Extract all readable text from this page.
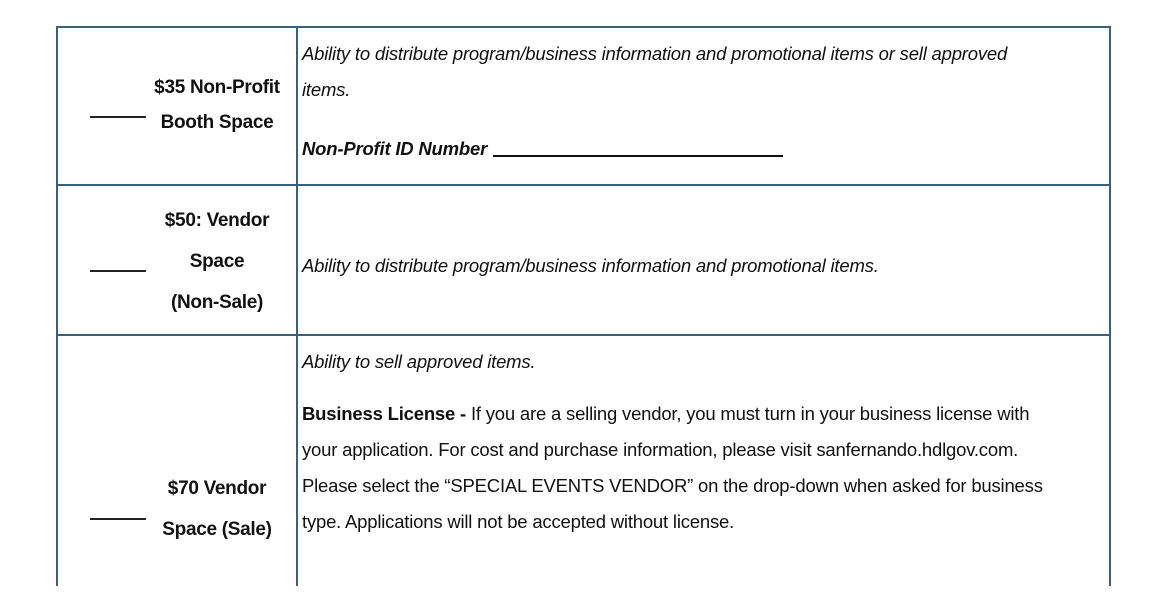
$35 Non-Profit
Booth Space
Ability to distribute program/business information and promotional items or sell approved
items.
Non-Profit ID Number
$50: Vendor
Space
(Non-Sale)
Ability to distribute program/business information and promotional items.
$70 Vendor
Space (Sale)
Ability to sell approved items.
Business License - If you are a selling vendor, you must turn in your business license with
your application. For cost and purchase information, please visit sanfernando.hdlgov.com.
Please select the “SPECIAL EVENTS VENDOR” on the drop-down when asked for business
type. Applications will not be accepted without license.
